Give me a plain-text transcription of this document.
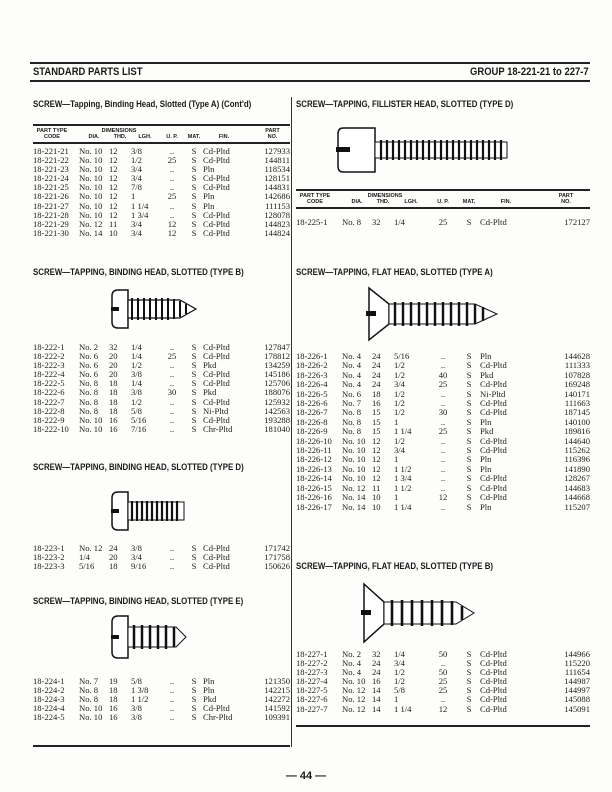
STANDARD PARTS LIST	GROUP 18-221-21 to 227-7
SCREW—Tapping, Binding Head, Slotted (Type A) (Cont'd)
SCREW—TAPPING, BINDING HEAD, SLOTTED (TYPE B)
SCREW—TAPPING, BINDING HEAD, SLOTTED (TYPE D)
SCREW—TAPPING, BINDING HEAD, SLOTTED (TYPE E)
SCREW—TAPPING, FILLISTER HEAD, SLOTTED (TYPE D)
SCREW—TAPPING, FLAT HEAD, SLOTTED (TYPE A)
SCREW—TAPPING, FLAT HEAD, SLOTTED (TYPE B)
PART TYPE
CODE
DIMENSIONS
DIA.	THD.	LGH.	U. P.	MAT.	FIN.
PART
NO.
PART TYPE
CODE
DIMENSIONS
DIA.	THD.	LGH.	U. P.	MAT.	FIN.
PART
NO.
18-221-21	No. 10	12	3/8	..	S	Cd-Pltd	127933
18-221-22	No. 10	12	1/2	25	S	Cd-Pltd	144811
18-221-23	No. 10	12	3/4	..	S	Pln	118534
18-221-24	No. 10	12	3/4	..	S	Cd-Pltd	128151
18-221-25	No. 10	12	7/8	..	S	Cd-Pltd	144831
18-221-26	No. 10	12	1	25	S	Pln	142686
18-221-27	No. 10	12	1 1/4	..	S	Pln	111153
18-221-28	No. 10	12	1 3/4	..	S	Cd-Pltd	128078
18-221-29	No. 12	11	3/4	12	S	Cd-Pltd	144823
18-221-30	No. 14	10	3/4	12	S	Cd-Pltd	144824
18-222-1	No. 2	32	1/4	..	S	Cd-Pltd	127847
18-222-2	No. 6	20	1/4	25	S	Cd-Pltd	178812
18-222-3	No. 6	20	1/2	..	S	Pkd	134259
18-222-4	No. 6	20	3/8	..	S	Cd-Pltd	145186
18-222-5	No. 8	18	1/4	..	S	Cd-Pltd	125706
18-222-6	No. 8	18	3/8	30	S	Pkd	188076
18-222-7	No. 8	18	1/2	..	S	Cd-Pltd	125932
18-222-8	No. 8	18	5/8	..	S	Ni-Pltd	142563
18-222-9	No. 10	16	5/16	..	S	Cd-Pltd	193288
18-222-10	No. 10	16	7/16	..	S	Chr-Pltd	181040
18-223-1	No. 12	24	3/8	..	S	Cd-Pltd	171742
18-223-2	1/4	20	3/4	..	S	Cd-Pltd	171758
18-223-3	5/16	18	9/16	..	S	Cd-Pltd	150626
18-224-1	No. 7	19	5/8	..	S	Pln	121350
18-224-2	No. 8	18	1 3/8	..	S	Pln	142215
18-224-3	No. 8	18	1 1/2	..	S	Pkd	142272
18-224-4	No. 10	16	3/8	..	S	Cd-Pltd	141592
18-224-5	No. 10	16	3/8	..	S	Chr-Pltd	109391
18-225-1	No. 8	32	1/4	25	S	Cd-Pltd	172127
18-226-1	No. 4	24	5/16	..	S	Pln	144628
18-226-2	No. 4	24	1/2	..	S	Cd-Pltd	111333
18-226-3	No. 4	24	1/2	40	S	Pkd	107828
18-226-4	No. 4	24	3/4	25	S	Cd-Pltd	169248
18-226-5	No. 6	18	1/2	..	S	Ni-Pltd	140171
18-226-6	No. 7	16	1/2	..	S	Cd-Pltd	111663
18-226-7	No. 8	15	1/2	30	S	Cd-Pltd	187145
18-226-8	No. 8	15	1	..	S	Pln	140100
18-226-9	No. 8	15	1 1/4	25	S	Pkd	189816
18-226-10	No. 10	12	1/2	..	S	Cd-Pltd	144640
18-226-11	No. 10	12	3/4	..	S	Cd-Pltd	115262
18-226-12	No. 10	12	1	..	S	Pln	116396
18-226-13	No. 10	12	1 1/2	..	S	Pln	141890
18-226-14	No. 10	12	1 3/4	..	S	Cd-Pltd	128267
18-226-15	No. 12	11	1 1/2	..	S	Cd-Pltd	144683
18-226-16	No. 14	10	1	12	S	Cd-Pltd	144668
18-226-17	No. 14	10	1 1/4	..	S	Pln	115207
18-227-1	No. 2	32	1/4	50	S	Cd-Pltd	144966
18-227-2	No. 4	24	3/4	..	S	Cd-Pltd	115220
18-227-3	No. 4	24	1/2	50	S	Cd-Pltd	111654
18-227-4	No. 10	16	1/2	25	S	Cd-Pltd	144987
18-227-5	No. 12	14	5/8	25	S	Cd-Pltd	144997
18-227-6	No. 12	14	1	..	S	Cd-Pltd	145088
18-227-7	No. 12	14	1 1/4	12	S	Cd-Pltd	145091
— 44 —
